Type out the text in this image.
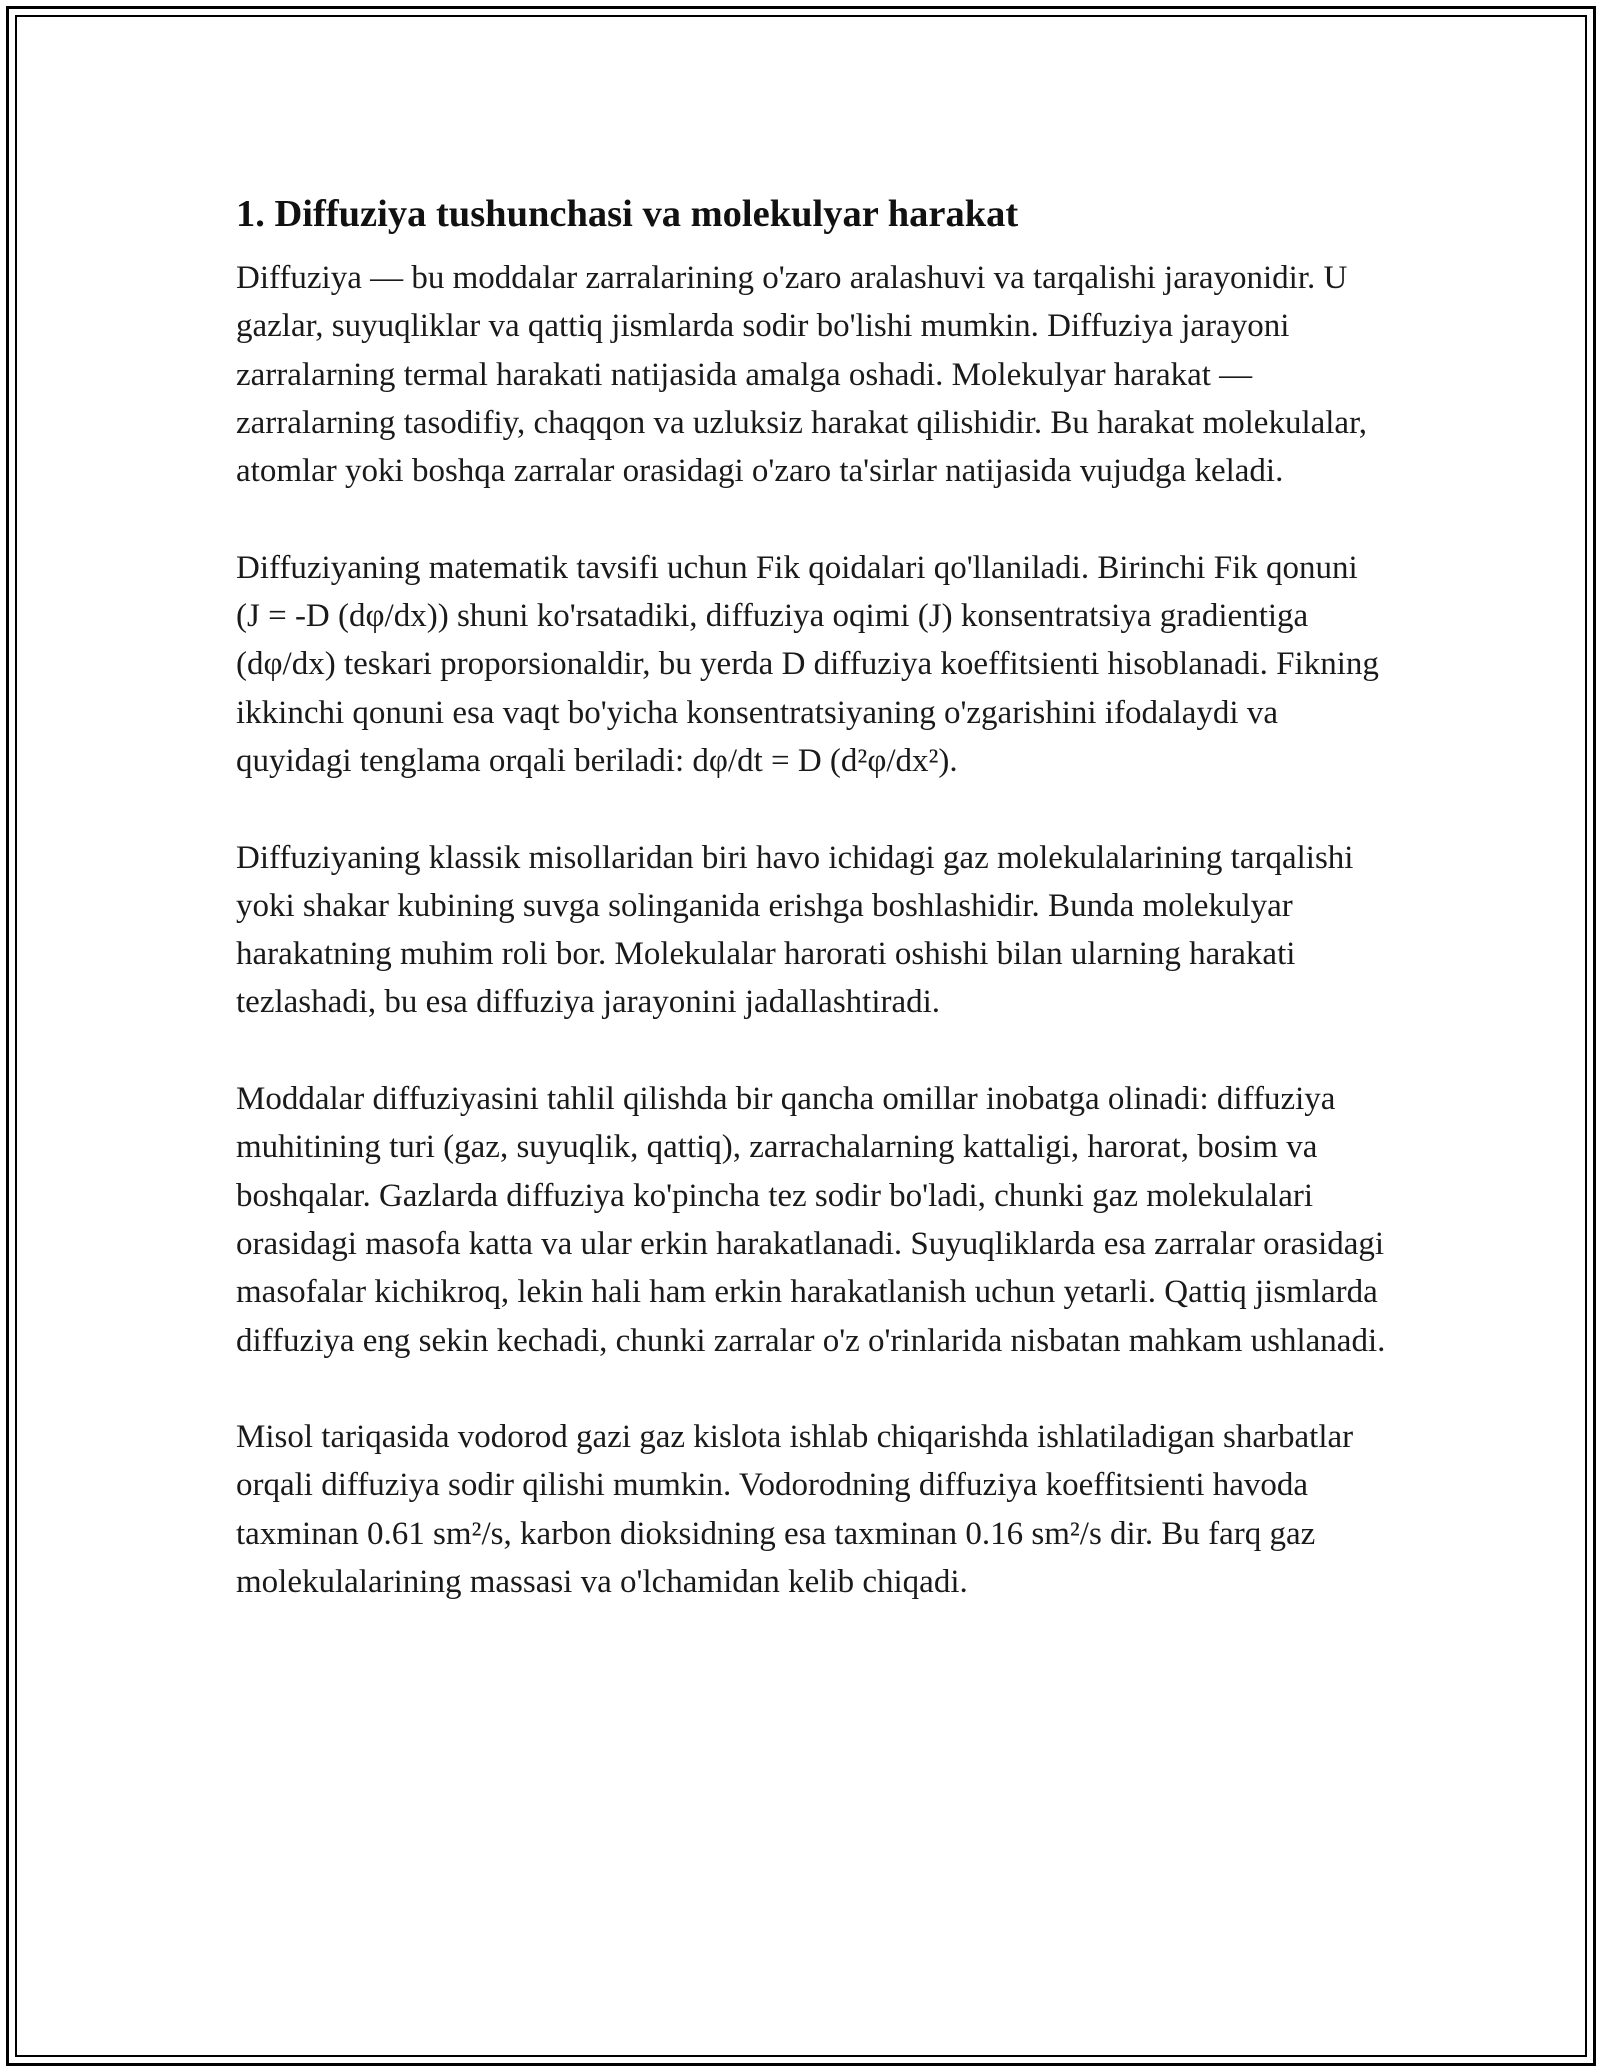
1. Diffuziya tushunchasi va molekulyar harakat

Diffuziya — bu moddalar zarralarining o'zaro aralashuvi va tarqalishi jarayonidir. U gazlar, suyuqliklar va qattiq jismlarda sodir bo'lishi mumkin. Diffuziya jarayoni zarralarning termal harakati natijasida amalga oshadi. Molekulyar harakat — zarralarning tasodifiy, chaqqon va uzluksiz harakat qilishidir. Bu harakat molekulalar, atomlar yoki boshqa zarralar orasidagi o'zaro ta'sirlar natijasida vujudga keladi.

Diffuziyaning matematik tavsifi uchun Fik qoidalari qo'llaniladi. Birinchi Fik qonuni (J = -D (dφ/dx)) shuni ko'rsatadiki, diffuziya oqimi (J) konsentratsiya gradientiga (dφ/dx) teskari proporsionaldir, bu yerda D diffuziya koeffitsienti hisoblanadi. Fikning ikkinchi qonuni esa vaqt bo'yicha konsentratsiyaning o'zgarishini ifodalaydi va quyidagi tenglama orqali beriladi: dφ/dt = D (d²φ/dx²).

Diffuziyaning klassik misollaridan biri havo ichidagi gaz molekulalarining tarqalishi yoki shakar kubining suvga solinganida erishga boshlashidir. Bunda molekulyar harakatning muhim roli bor. Molekulalar harorati oshishi bilan ularning harakati tezlashadi, bu esa diffuziya jarayonini jadallashtiradi.

Moddalar diffuziyasini tahlil qilishda bir qancha omillar inobatga olinadi: diffuziya muhitining turi (gaz, suyuqlik, qattiq), zarrachalarning kattaligi, harorat, bosim va boshqalar. Gazlarda diffuziya ko'pincha tez sodir bo'ladi, chunki gaz molekulalari orasidagi masofa katta va ular erkin harakatlanadi. Suyuqliklarda esa zarralar orasidagi masofalar kichikroq, lekin hali ham erkin harakatlanish uchun yetarli. Qattiq jismlarda diffuziya eng sekin kechadi, chunki zarralar o'z o'rinlarida nisbatan mahkam ushlanadi.

Misol tariqasida vodorod gazi gaz kislota ishlab chiqarishda ishlatiladigan sharbatlar orqali diffuziya sodir qilishi mumkin. Vodorodning diffuziya koeffitsienti havoda taxminan 0.61 sm²/s, karbon dioksidning esa taxminan 0.16 sm²/s dir. Bu farq gaz molekulalarining massasi va o'lchamidan kelib chiqadi.
